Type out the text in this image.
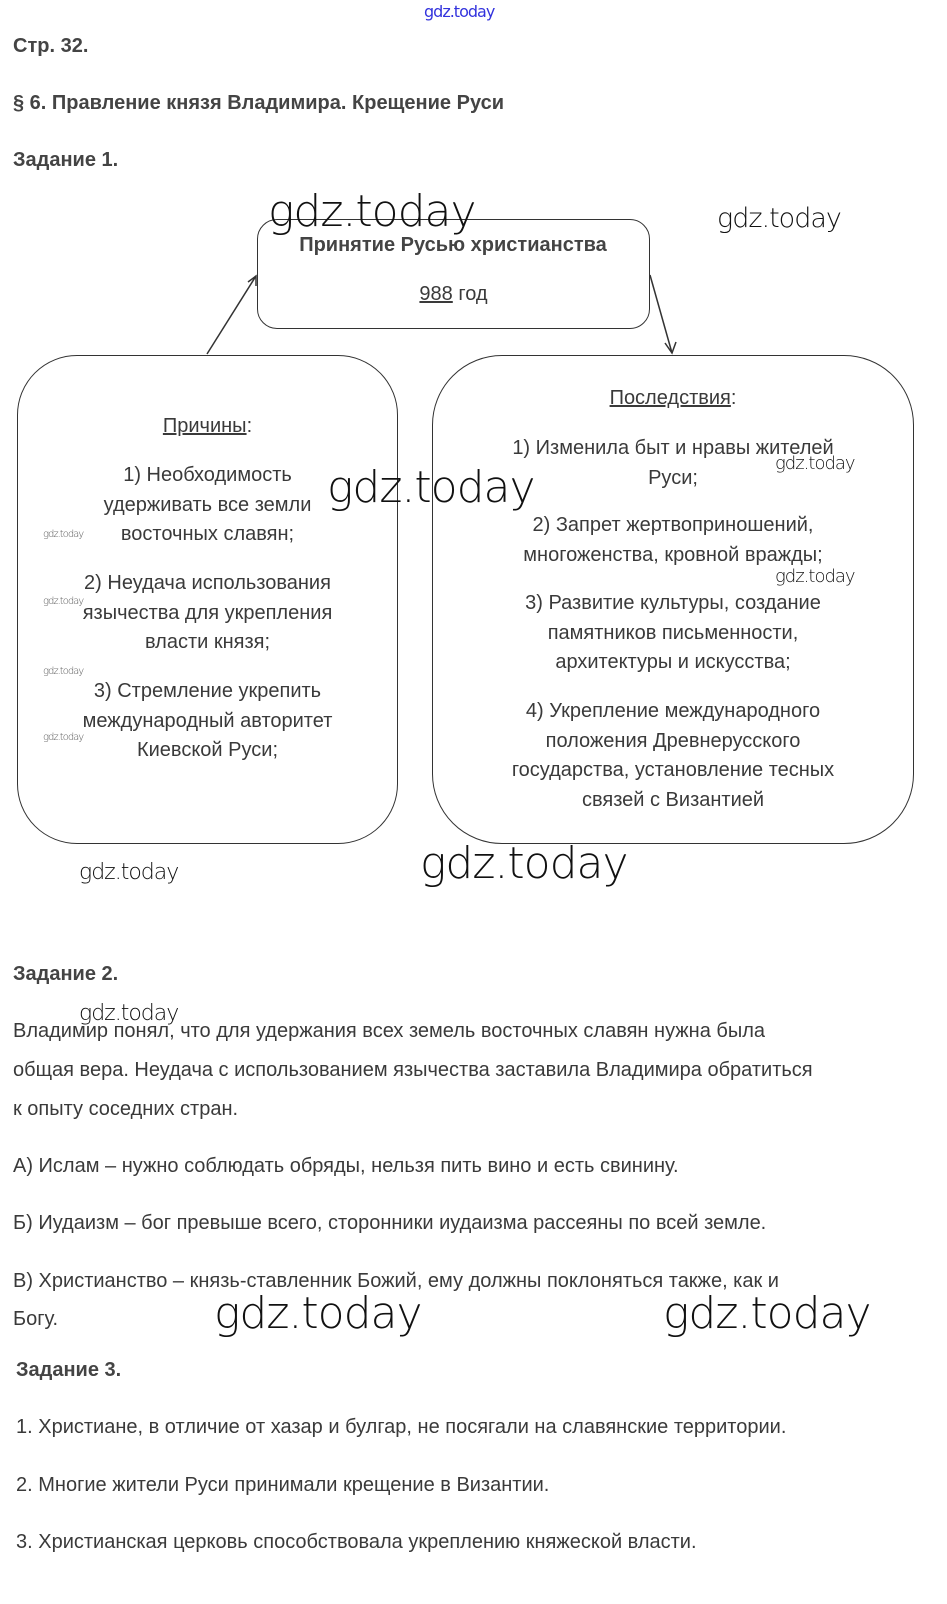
gdz.today
Стр. 32.
§ 6. Правление князя Владимира. Крещение Руси
Задание 1.
Принятие Русью христианства
988 год
Причины:
1) Необходимость
удерживать все земли
восточных славян;
2) Неудача использования
язычества для укрепления
власти князя;
3) Стремление укрепить
международный авторитет
Киевской Руси;
Последствия:
1) Изменила быт и нравы жителей
Руси;
2) Запрет жертвоприношений,
многоженства, кровной вражды;
3) Развитие культуры, создание
памятников письменности,
архитектуры и искусства;
4) Укрепление международного
положения Древнерусского
государства, установление тесных
связей с Византией
Задание 2.
Владимир понял, что для удержания всех земель восточных славян нужна была
общая вера. Неудача с использованием язычества заставила Владимира обратиться
к опыту соседних стран.
А) Ислам – нужно соблюдать обряды, нельзя пить вино и есть свинину.
Б) Иудаизм – бог превыше всего, сторонники иудаизма рассеяны по всей земле.
В) Христианство – князь-ставленник Божий, ему должны поклоняться также, как и
Богу.
Задание 3.
1. Христиане, в отличие от хазар и булгар, не посягали на славянские территории.
2. Многие жители Руси принимали крещение в Византии.
3. Христианская церковь способствовала укреплению княжеской власти.
gdz.today	gdz.today
gdz.today	gdz.today
gdz.today
gdz.today
gdz.today
gdz.today
gdz.today
gdz.today
gdz.today
gdz.today
gdz.today	gdz.today
